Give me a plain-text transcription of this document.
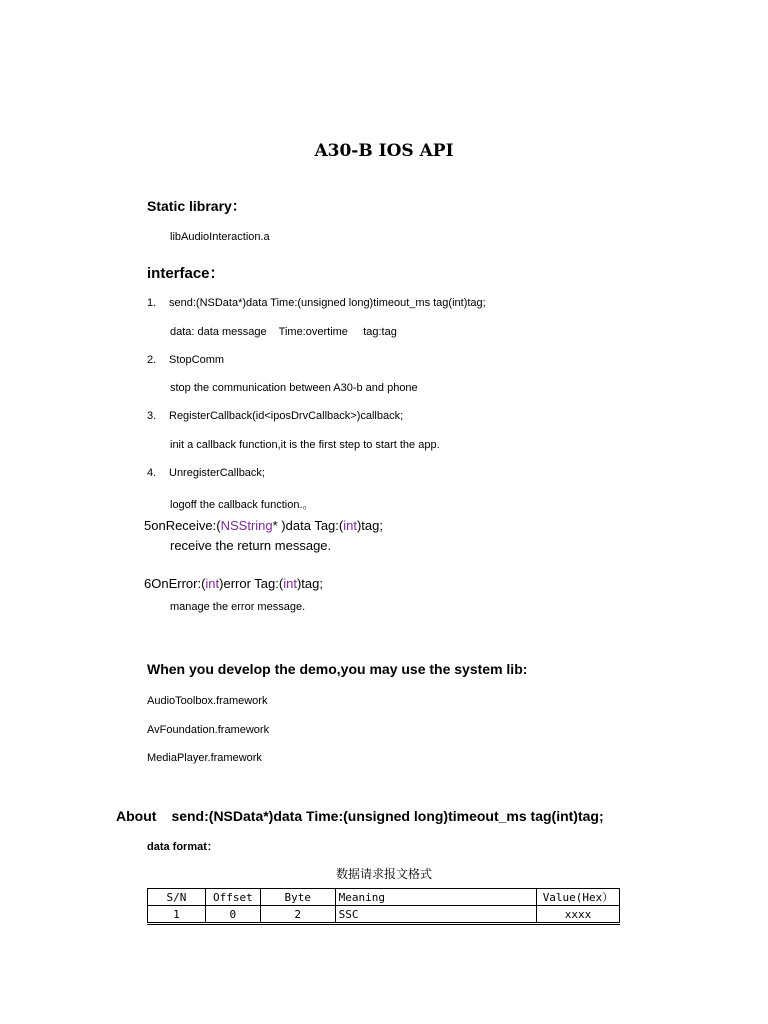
A30-B IOS API
Static library：
libAudioInteraction.a
interface：
1. send:(NSData*)data Time:(unsigned long)timeout_ms tag(int)tag;
data: data message    Time:overtime     tag:tag
2. StopComm
stop the communication between A30-b and phone
3. RegisterCallback(id<iposDrvCallback>)callback;
init a callback function,it is the first step to start the app.
4. UnregisterCallback;
logoff the callback function.。
5onReceive:(NSString* )data Tag:(int)tag;
receive the return message.
6OnError:(int)error Tag:(int)tag;
manage the error message.
When you develop the demo,you may use the system lib:
AudioToolbox.framework
AvFoundation.framework
MediaPlayer.framework
About send:(NSData*)data Time:(unsigned long)timeout_ms tag(int)tag;
data format：
数据请求报文格式
S/N	Offset	Byte	Meaning	Value(Hex）
1	0	2	SSC	xxxx
